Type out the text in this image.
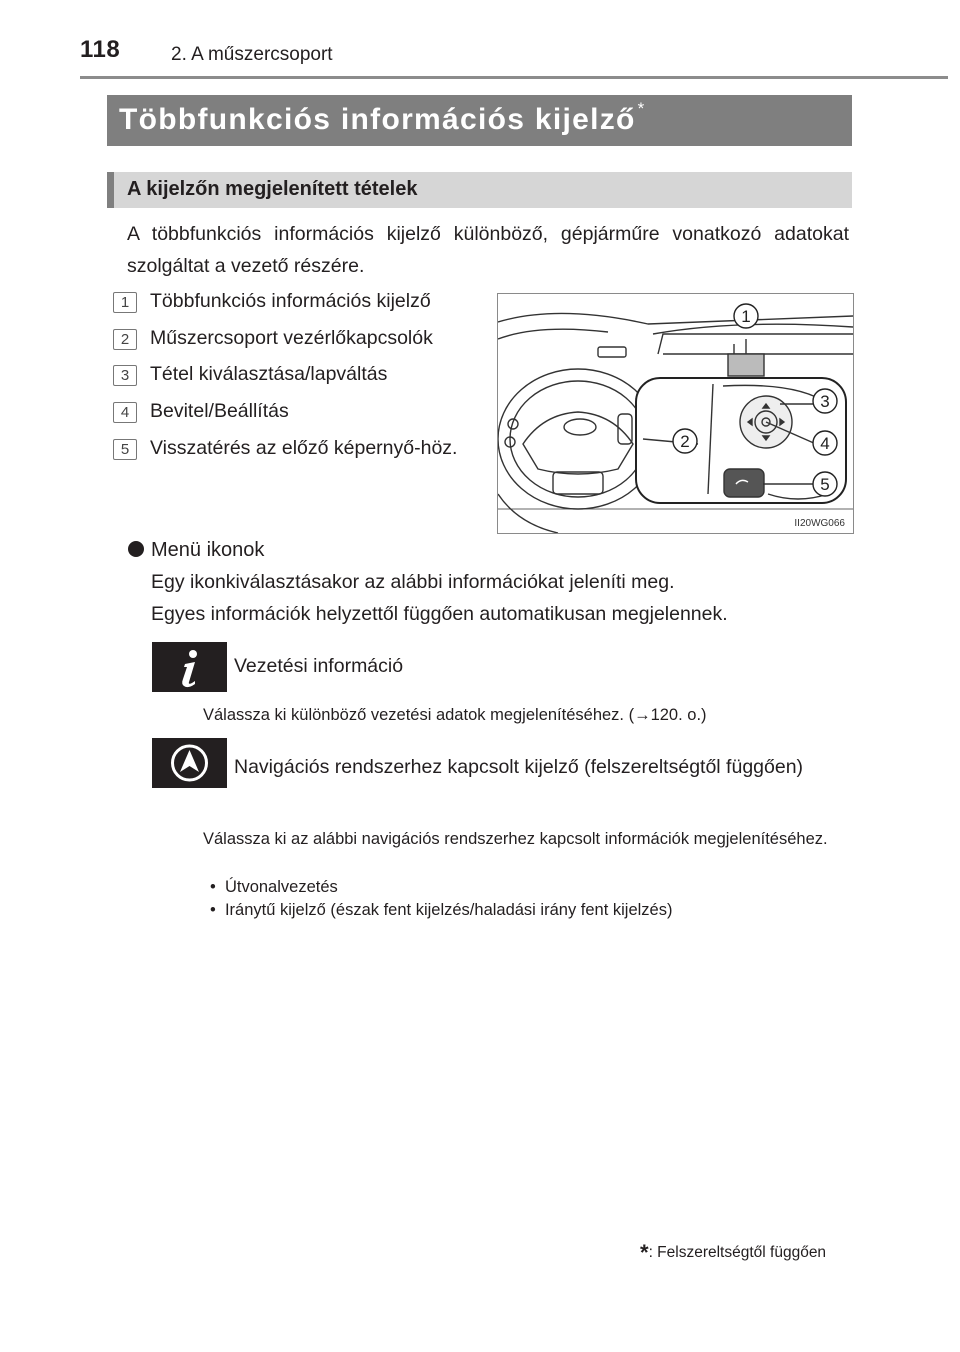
118	2. A műszercsoport
Többfunkciós információs kijelző *
A kijelzőn megjelenített tételek
A többfunkciós információs kijelző különböző, gépjárműre vonatkozó adatokat szolgáltat a vezető részére.
1	Többfunkciós információs kijelző
2	Műszercsoport vezérlőkapcsolók
3	Tétel kiválasztása/lapváltás
4	Bevitel/Beállítás
5	Visszatérés az előző képernyő-höz.
1
2
3
4
5
II20WG066
Menü ikonok
Egy ikonkiválasztásakor az alábbi információkat jeleníti meg.
Egyes információk helyzettől függően automatikusan megjelennek.
Vezetési információ
Válassza ki különböző vezetési adatok megjelenítéséhez. (→120. o.)
Navigációs rendszerhez kapcsolt kijelző (felszereltségtől függően)
Válassza ki az alábbi navigációs rendszerhez kapcsolt információk megjelenítéséhez.
• Útvonalvezetés
• Iránytű kijelző (észak fent kijelzés/haladási irány fent kijelzés)
*: Felszereltségtől függően
